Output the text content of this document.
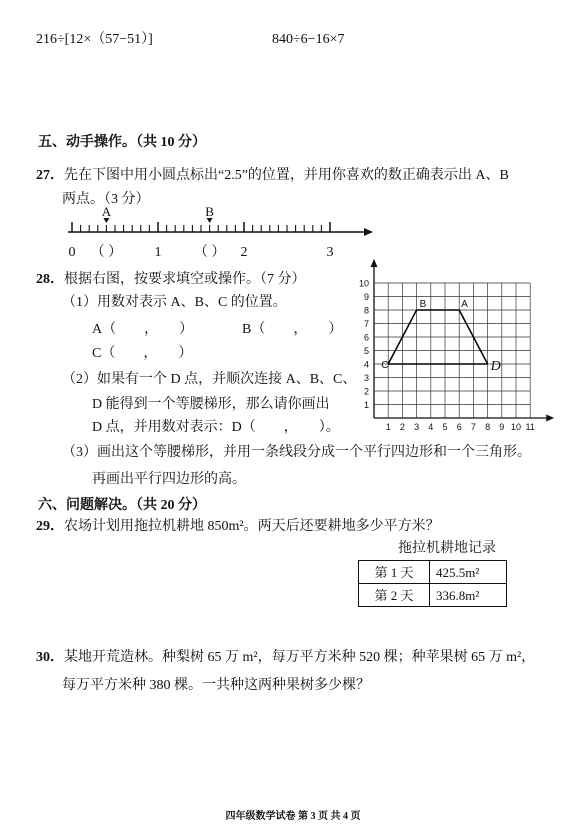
216÷[12×（57−51）]	840÷6−16×7
五、动手操作。（共 10 分）
27．先在下图中用小圆点标出“2.5”的位置，并用你喜欢的数正确表示出 A、B
两点。（3 分）
0	1	2	3
A
（ ）
B
（ ）
28．根据右图，按要求填空或操作。（7 分）
（1）用数对表示 A、B、C 的位置。
A（　　，　　）	B（　　，　　）
C（　　，　　）
（2）如果有一个 D 点，并顺次连接 A、B、C、
D 能得到一个等腰梯形，那么请你画出
D 点，并用数对表示：D（　　，　　）。
（3）画出这个等腰梯形，并用一条线段分成一个平行四边形和一个三角形。
再画出平行四边形的高。
1 2 3 4 5 6 7 8 9 10 11
1
2
3
4
5
6
7
8
9
10
A
B
C	D
六、问题解决。（共 20 分）
29．农场计划用拖拉机耕地 850m²。两天后还要耕地多少平方米？
拖拉机耕地记录
第 1 天	425.5m²
第 2 天	336.8m²
30．某地开荒造林。种梨树 65 万 m²，每万平方米种 520 棵；种苹果树 65 万 m²，
每万平方米种 380 棵。一共种这两种果树多少棵？
四年级数学试卷 第 3 页 共 4 页
